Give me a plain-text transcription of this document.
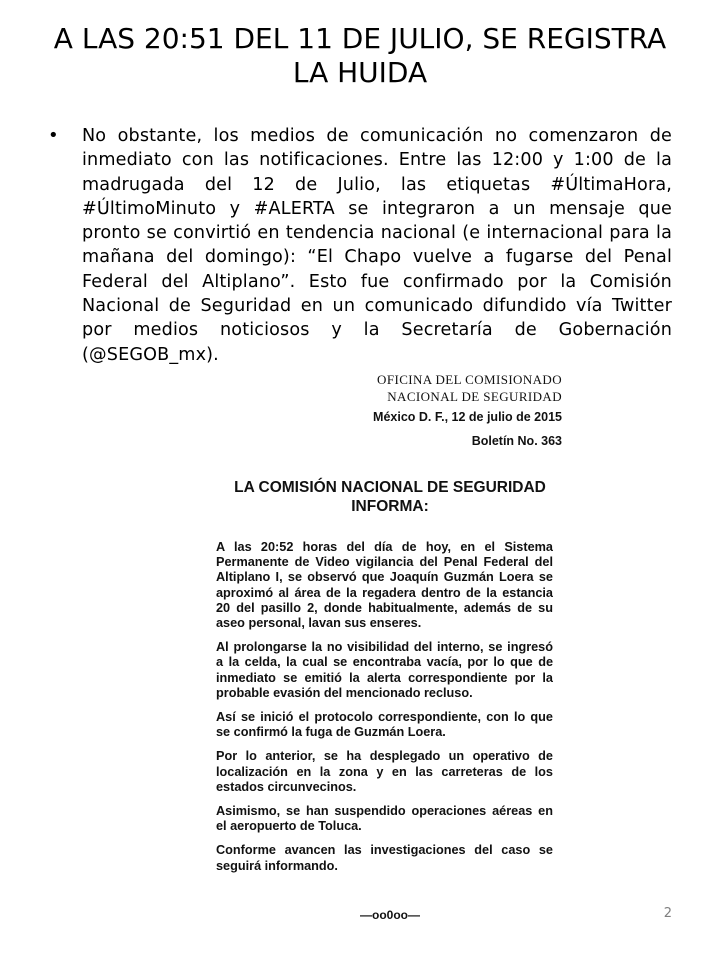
A LAS 20:51 DEL 11 DE JULIO, SE REGISTRA LA HUIDA
• No obstante, los medios de comunicación no comenzaron de inmediato con las notificaciones. Entre las 12:00 y 1:00 de la madrugada del 12 de Julio, las etiquetas #ÚltimaHora, #ÚltimoMinuto y #ALERTA se integraron a un mensaje que pronto se convirtió en tendencia nacional (e internacional para la mañana del domingo): “El Chapo vuelve a fugarse del Penal Federal del Altiplano”. Esto fue confirmado por la Comisión Nacional de Seguridad en un comunicado difundido vía Twitter por medios noticiosos y la Secretaría de Gobernación (@SEGOB_mx).
OFICINA DEL COMISIONADO
NACIONAL DE SEGURIDAD
México D. F., 12 de julio de 2015
Boletín No. 363
LA COMISIÓN NACIONAL DE SEGURIDAD
INFORMA:

A las 20:52 horas del día de hoy, en el Sistema Permanente de Video vigilancia del Penal Federal del Altiplano I, se observó que Joaquín Guzmán Loera se aproximó al área de la regadera dentro de la estancia 20 del pasillo 2, donde habitualmente, además de su aseo personal, lavan sus enseres.

Al prolongarse la no visibilidad del interno, se ingresó a la celda, la cual se encontraba vacía, por lo que de inmediato se emitió la alerta correspondiente por la probable evasión del mencionado recluso.

Así se inició el protocolo correspondiente, con lo que se confirmó la fuga de Guzmán Loera.

Por lo anterior, se ha desplegado un operativo de localización en la zona y en las carreteras de los estados circunvecinos.

Asimismo, se han suspendido operaciones aéreas en el aeropuerto de Toluca.

Conforme avancen las investigaciones del caso se seguirá informando.

—oo0oo—	2
